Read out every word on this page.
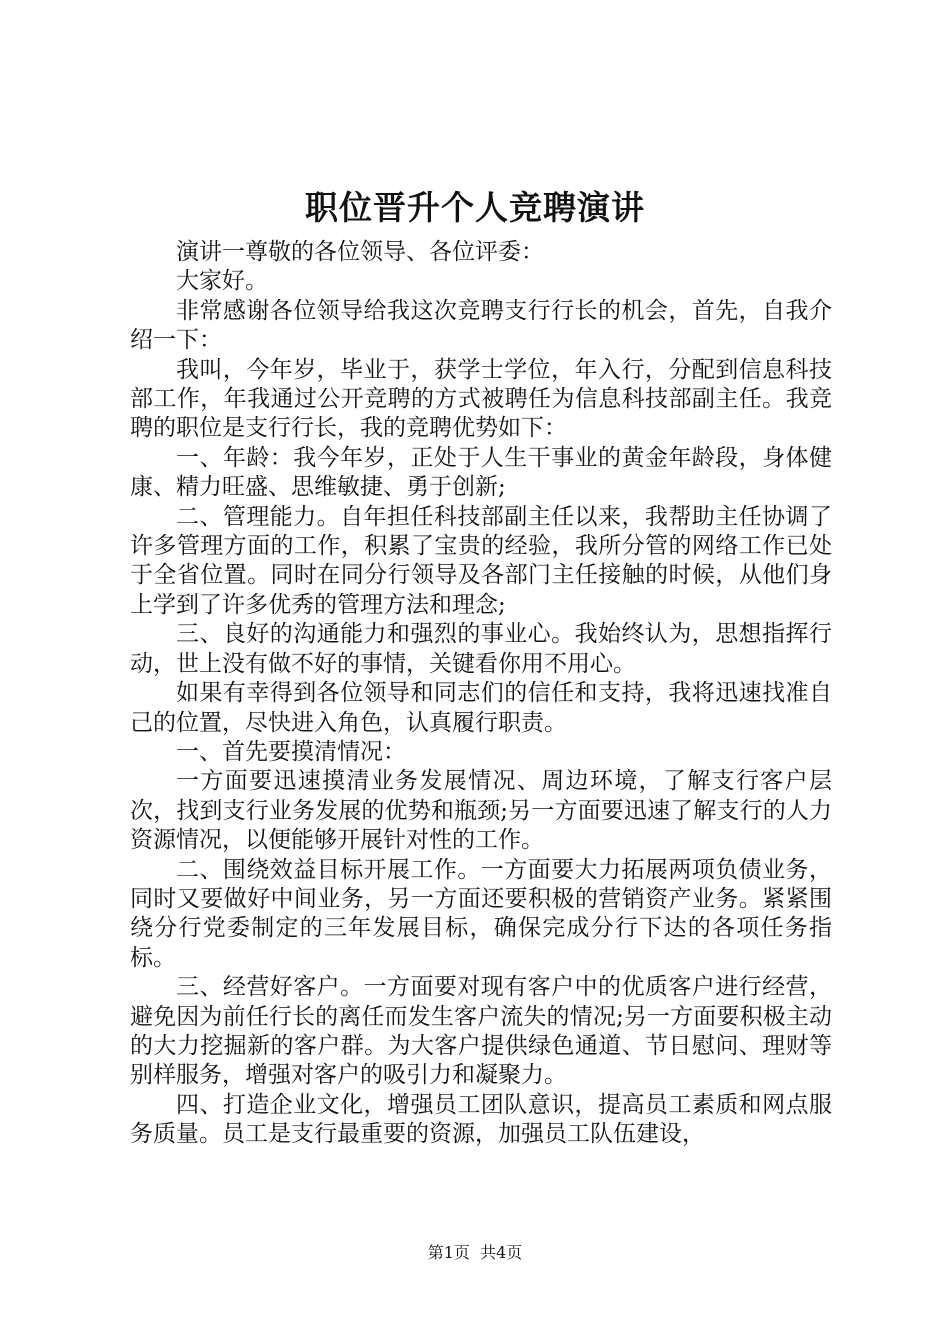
职位晋升个人竞聘演讲

演讲一尊敬的各位领导、各位评委：

大家好。

非常感谢各位领导给我这次竞聘支行行长的机会，首先，自我介绍一下：

我叫，今年岁，毕业于，获学士学位，年入行，分配到信息科技部工作，年我通过公开竞聘的方式被聘任为信息科技部副主任。我竞聘的职位是支行行长，我的竞聘优势如下：

一、年龄：我今年岁，正处于人生干事业的黄金年龄段，身体健康、精力旺盛、思维敏捷、勇于创新;

二、管理能力。自年担任科技部副主任以来，我帮助主任协调了许多管理方面的工作，积累了宝贵的经验，我所分管的网络工作已处于全省位置。同时在同分行领导及各部门主任接触的时候，从他们身上学到了许多优秀的管理方法和理念;

三、良好的沟通能力和强烈的事业心。我始终认为，思想指挥行动，世上没有做不好的事情，关键看你用不用心。

如果有幸得到各位领导和同志们的信任和支持，我将迅速找准自己的位置，尽快进入角色，认真履行职责。

一、首先要摸清情况：

一方面要迅速摸清业务发展情况、周边环境，了解支行客户层次，找到支行业务发展的优势和瓶颈;另一方面要迅速了解支行的人力资源情况，以便能够开展针对性的工作。

二、围绕效益目标开展工作。一方面要大力拓展两项负债业务，同时又要做好中间业务，另一方面还要积极的营销资产业务。紧紧围绕分行党委制定的三年发展目标，确保完成分行下达的各项任务指标。

三、经营好客户。一方面要对现有客户中的优质客户进行经营，避免因为前任行长的离任而发生客户流失的情况;另一方面要积极主动的大力挖掘新的客户群。为大客户提供绿色通道、节日慰问、理财等别样服务，增强对客户的吸引力和凝聚力。

四、打造企业文化，增强员工团队意识，提高员工素质和网点服务质量。员工是支行最重要的资源，加强员工队伍建设，

第1页  共4页
